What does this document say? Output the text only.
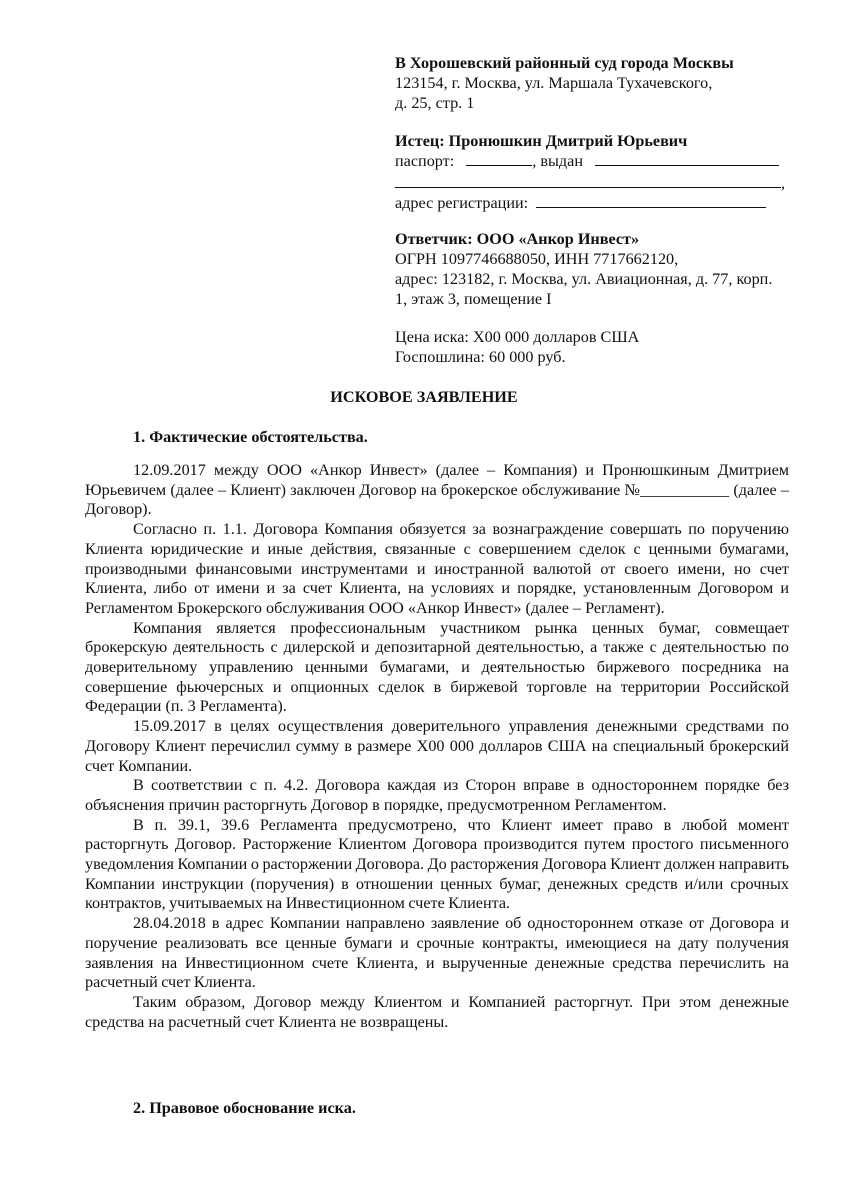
В Хорошевский районный суд города Москвы
123154, г. Москва, ул. Маршала Тухачевского,
д. 25, стр. 1
Истец: Пронюшкин Дмитрий Юрьевич
паспорт:	, выдан
,
адрес регистрации:
Ответчик: ООО «Анкор Инвест»
ОГРН 1097746688050, ИНН 7717662120,
адрес: 123182, г. Москва, ул. Авиационная, д. 77, корп.
1, этаж 3, помещение I
Цена иска: Х00 000 долларов США
Госпошлина: 60 000 руб.
ИСКОВОЕ ЗАЯВЛЕНИЕ
1. Фактические обстоятельства.

12.09.2017 между ООО «Анкор Инвест» (далее – Компания) и Пронюшкиным Дмитрием Юрьевичем (далее – Клиент) заключен Договор на брокерское обслуживание №___________ (далее – Договор).

Согласно п. 1.1. Договора Компания обязуется за вознаграждение совершать по поручению Клиента юридические и иные действия, связанные с совершением сделок с ценными бумагами, производными финансовыми инструментами и иностранной валютой от своего имени, но счет Клиента, либо от имени и за счет Клиента, на условиях и порядке, установленным Договором и Регламентом Брокерского обслуживания ООО «Анкор Инвест» (далее – Регламент).

Компания является профессиональным участником рынка ценных бумаг, совмещает брокерскую деятельность с дилерской и депозитарной деятельностью, а также с деятельностью по доверительному управлению ценными бумагами, и деятельностью биржевого посредника на совершение фьючерсных и опционных сделок в биржевой торговле на территории Российской Федерации (п. 3 Регламента).

15.09.2017 в целях осуществления доверительного управления денежными средствами по Договору Клиент перечислил сумму в размере Х00 000 долларов США на специальный брокерский счет Компании.

В соответствии с п. 4.2. Договора каждая из Сторон вправе в одностороннем порядке без объяснения причин расторгнуть Договор в порядке, предусмотренном Регламентом.

В п. 39.1, 39.6 Регламента предусмотрено, что Клиент имеет право в любой момент расторгнуть Договор. Расторжение Клиентом Договора производится путем простого письменного уведомления Компании о расторжении Договора. До расторжения Договора Клиент должен направить Компании инструкции (поручения) в отношении ценных бумаг, денежных средств и/или срочных контрактов, учитываемых на Инвестиционном счете Клиента.

28.04.2018 в адрес Компании направлено заявление об одностороннем отказе от Договора и поручение реализовать все ценные бумаги и срочные контракты, имеющиеся на дату получения заявления на Инвестиционном счете Клиента, и вырученные денежные средства перечислить на расчетный счет Клиента.

Таким образом, Договор между Клиентом и Компанией расторгнут. При этом денежные средства на расчетный счет Клиента не возвращены.

2. Правовое обоснование иска.
